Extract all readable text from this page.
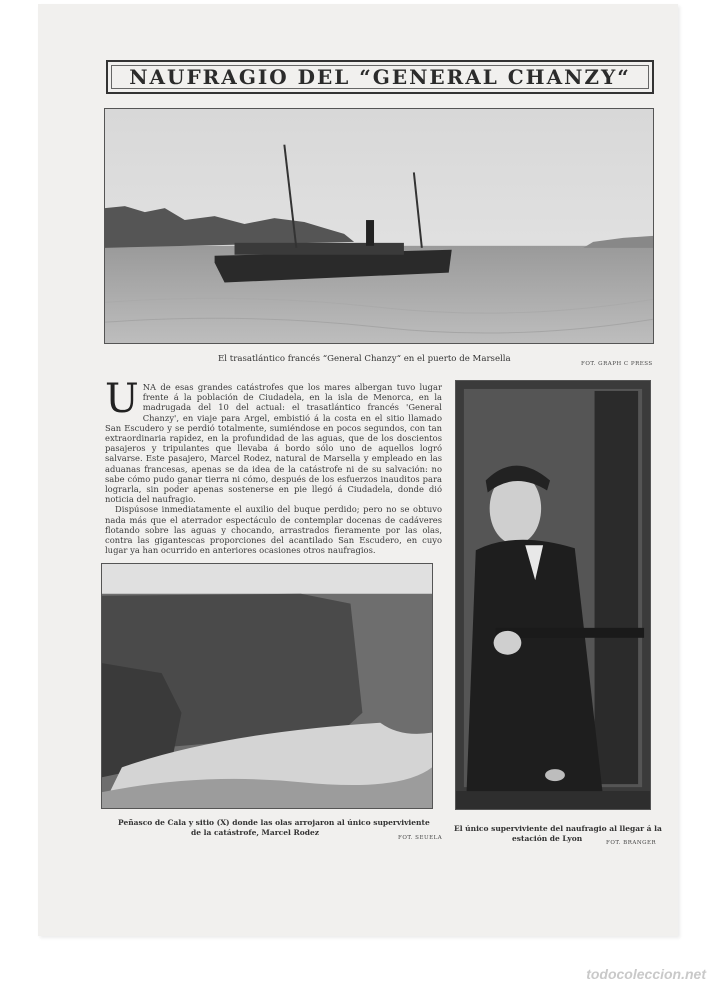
NAUFRAGIO DEL “GENERAL CHANZY“
El trasatlántico francés “General Chanzy“ en el puerto de Marsella	FOT. GRAPH C PRESS
U NA de esas grandes catástrofes que los mares albergan tuvo lugar frente á la población de Ciudadela, en la isla de Menorca, en la madrugada del 10 del actual: el trasatlántico francés 'General Chanzy', en viaje para Argel, embistió á la costa en el sitio llamado San Escudero y se perdió totalmente, sumiéndose en pocos segundos, con tan extraordinaria rapidez, en la profundidad de las aguas, que de los doscientos pasajeros y tripulantes que llevaba á bordo sólo uno de aquellos logró salvarse. Este pasajero, Marcel Rodez, natural de Marsella y empleado en las aduanas francesas, apenas se da idea de la catástrofe ni de su salvación: no sabe cómo pudo ganar tierra ni cómo, después de los esfuerzos inauditos para lograrla, sin poder apenas sostenerse en pie llegó á Ciudadela, donde dió noticia del naufragio.

Dispúsose inmediatamente el auxilio del buque perdido; pero no se obtuvo nada más que el aterrador espectáculo de contemplar docenas de cadáveres flotando sobre las aguas y chocando, arrastrados fieramente por las olas, contra las gigantescas proporciones del acantilado San Escudero, en cuyo lugar ya han ocurrido en anteriores ocasiones otros naufragios.

Peñasco de Cala y sitio (X) donde las olas arrojaron al único superviviente
de la catástrofe, Marcel Rodez
FOT. SEUELA
El único superviviente del naufragio al llegar á la
estación de Lyon	FOT. BRANGER
todocoleccion.net
